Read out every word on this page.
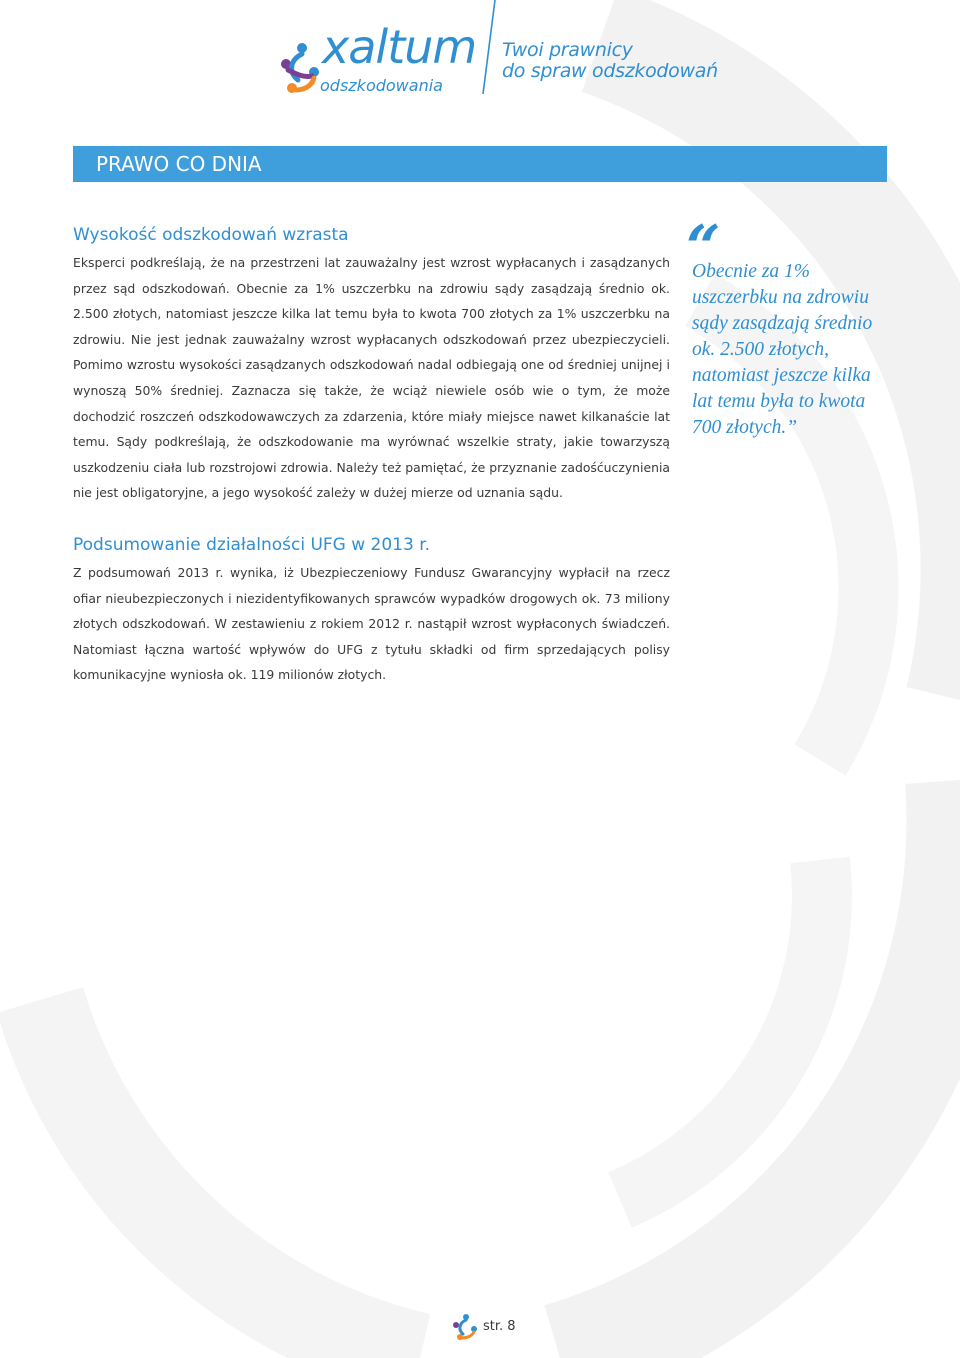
xaltum
odszkodowania
Twoi prawnicy
do spraw odszkodowań
PRAWO CO DNIA
Wysokość odszkodowań wzrasta
Eksperci podkreślają, że na przestrzeni lat zauważalny jest wzrost wypłacanych i zasądzanych przez sąd odszkodowań. Obecnie za 1% uszczerbku na zdrowiu sądy zasądzają średnio ok. 2.500 złotych, natomiast jeszcze kilka lat temu była to kwota 700 złotych za 1% uszczerbku na zdrowiu. Nie jest jednak zauważalny wzrost wypłacanych odszkodowań przez ubezpieczycieli. Pomimo wzrostu wysokości zasądzanych odszkodowań nadal odbiegają one od średniej unijnej i wynoszą 50% średniej. Zaznacza się także, że wciąż niewiele osób wie o tym, że może dochodzić roszczeń odszkodowawczych za zdarzenia, które miały miejsce nawet kilkanaście lat temu. Sądy podkreślają, że odszkodowanie ma wyrównać wszelkie straty, jakie towarzyszą uszkodzeniu ciała lub rozstrojowi zdrowia. Należy też pamiętać, że przyznanie zadośćuczynienia nie jest obligatoryjne, a jego wysokość zależy w dużej mierze od uznania sądu.
“
Obecnie za 1% uszczerbku na zdrowiu sądy zasądzają średnio ok. 2.500 złotych, natomiast jeszcze kilka lat temu była to kwota 700 złotych.”
Podsumowanie działalności UFG w 2013 r.
Z podsumowań 2013 r. wynika, iż Ubezpieczeniowy Fundusz Gwarancyjny wypłacił na rzecz ofiar nieubezpieczonych i niezidentyfikowanych sprawców wypadków drogowych ok. 73 miliony złotych odszkodowań. W zestawieniu z rokiem 2012 r. nastąpił wzrost wypłaconych świadczeń. Natomiast łączna wartość wpływów do UFG z tytułu składki od firm sprzedających polisy komunikacyjne wyniosła ok. 119 milionów złotych.
str. 8
